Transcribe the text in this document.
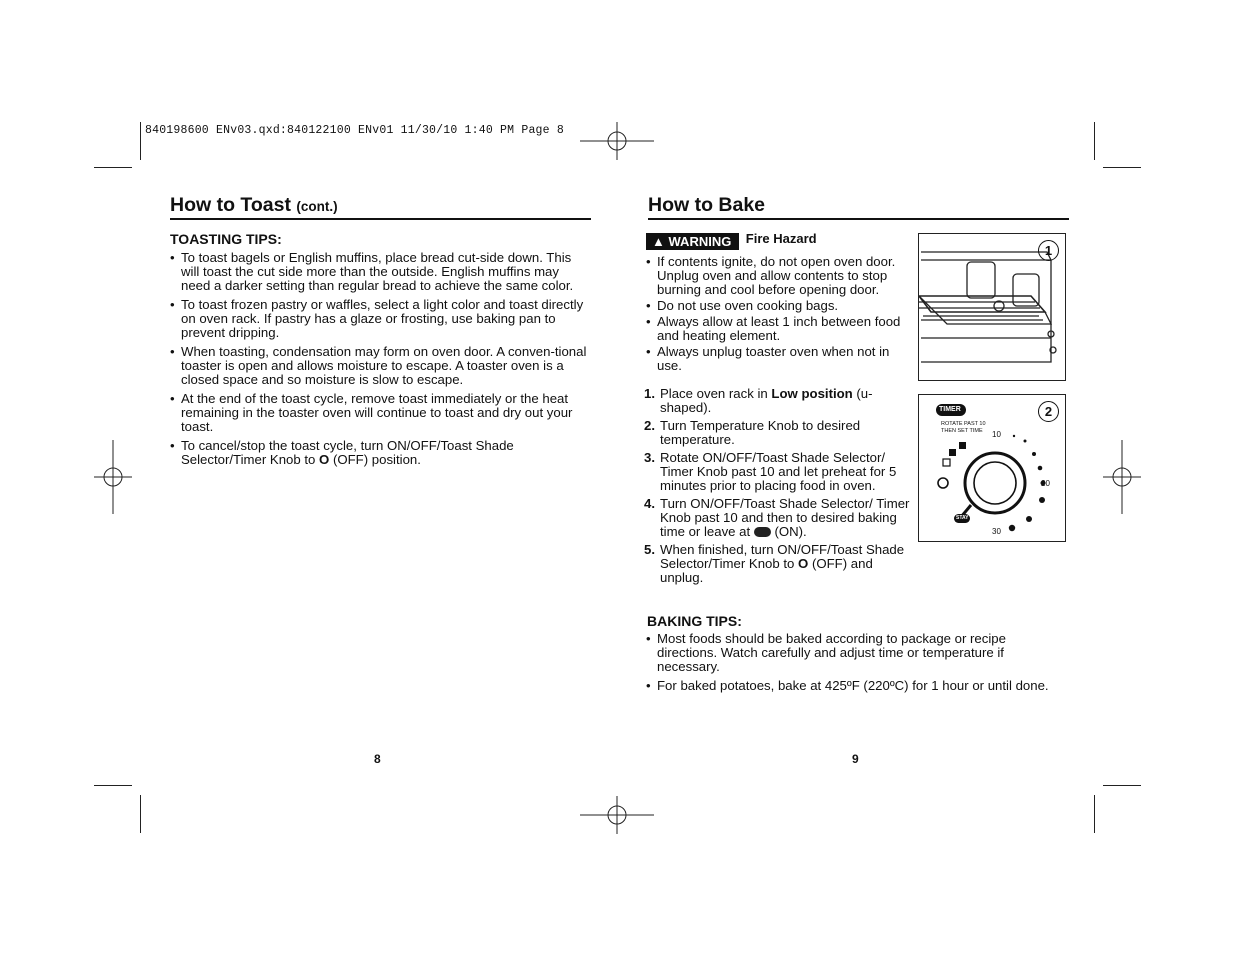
840198600 ENv03.qxd:840122100 ENv01 11/30/10 1:40 PM Page 8
How to Toast (cont.)
TOASTING TIPS:
• To toast bagels or English muffins, place bread cut-side down. This will toast the cut side more than the outside. English muffins may need a darker setting than regular bread to achieve the same color.
• To toast frozen pastry or waffles, select a light color and toast directly on oven rack. If pastry has a glaze or frosting, use baking pan to prevent dripping.
• When toasting, condensation may form on oven door. A conven-tional toaster is open and allows moisture to escape. A toaster oven is a closed space and so moisture is slow to escape.
• At the end of the toast cycle, remove toast immediately or the heat remaining in the toaster oven will continue to toast and dry out your toast.
• To cancel/stop the toast cycle, turn ON/OFF/Toast Shade Selector/Timer Knob to O (OFF) position.
8
How to Bake
▲ WARNING Fire Hazard
• If contents ignite, do not open oven door. Unplug oven and allow contents to stop burning and cool before opening door.
• Do not use oven cooking bags.
• Always allow at least 1 inch between food and heating element.
• Always unplug toaster oven when not in use.
1. Place oven rack in Low position (u-shaped).
2. Turn Temperature Knob to desired temperature.
3. Rotate ON/OFF/Toast Shade Selector/ Timer Knob past 10 and let preheat for 5 minutes prior to placing food in oven.
4. Turn ON/OFF/Toast Shade Selector/ Timer Knob past 10 and then to desired baking time or leave at  (ON).
5. When finished, turn ON/OFF/Toast Shade Selector/Timer Knob to O (OFF) and unplug.
BAKING TIPS:
• Most foods should be baked according to package or recipe directions. Watch carefully and adjust time or temperature if necessary.
• For baked potatoes, bake at 425ºF (220ºC) for 1 hour or until done.
9
1
TIMER
ROTATE PAST 10
THEN SET TIME	10
20
30
STAY
2
